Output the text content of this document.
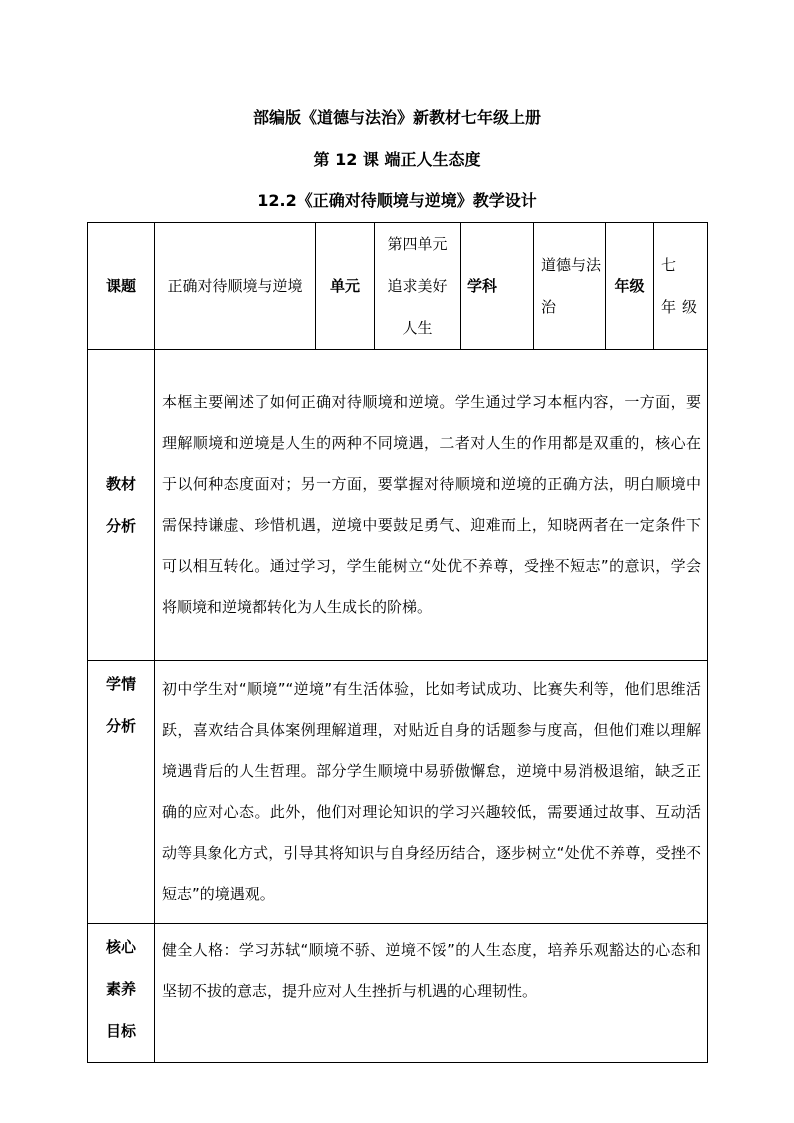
部编版《道德与法治》新教材七年级上册
第 12 课 端正人生态度
12.2《正确对待顺境与逆境》教学设计
课题	正确对待顺境与逆境	单元	第四单元追求美好人生	学科	道德与法治	年级	七 年级

教材
分析	本框主要阐述了如何正确对待顺境和逆境。学生通过学习本框内容，一方面，要理解顺境和逆境是人生的两种不同境遇，二者对人生的作用都是双重的，核心在于以何种态度面对；另一方面，要掌握对待顺境和逆境的正确方法，明白顺境中需保持谦虚、珍惜机遇，逆境中要鼓足勇气、迎难而上，知晓两者在一定条件下可以相互转化。通过学习，学生能树立“处优不养尊，受挫不短志”的意识，学会将顺境和逆境都转化为人生成长的阶梯。						

学情
分析	初中学生对“顺境”“逆境”有生活体验，比如考试成功、比赛失利等，他们思维活跃，喜欢结合具体案例理解道理，对贴近自身的话题参与度高，但他们难以理解境遇背后的人生哲理。部分学生顺境中易骄傲懈怠，逆境中易消极退缩，缺乏正确的应对心态。此外，他们对理论知识的学习兴趣较低，需要通过故事、互动活动等具象化方式，引导其将知识与自身经历结合，逐步树立“处优不养尊，受挫不短志”的境遇观。						

核心
素养
目标	健全人格：学习苏轼“顺境不骄、逆境不馁”的人生态度，培养乐观豁达的心态和坚韧不拔的意志，提升应对人生挫折与机遇的心理韧性。						
